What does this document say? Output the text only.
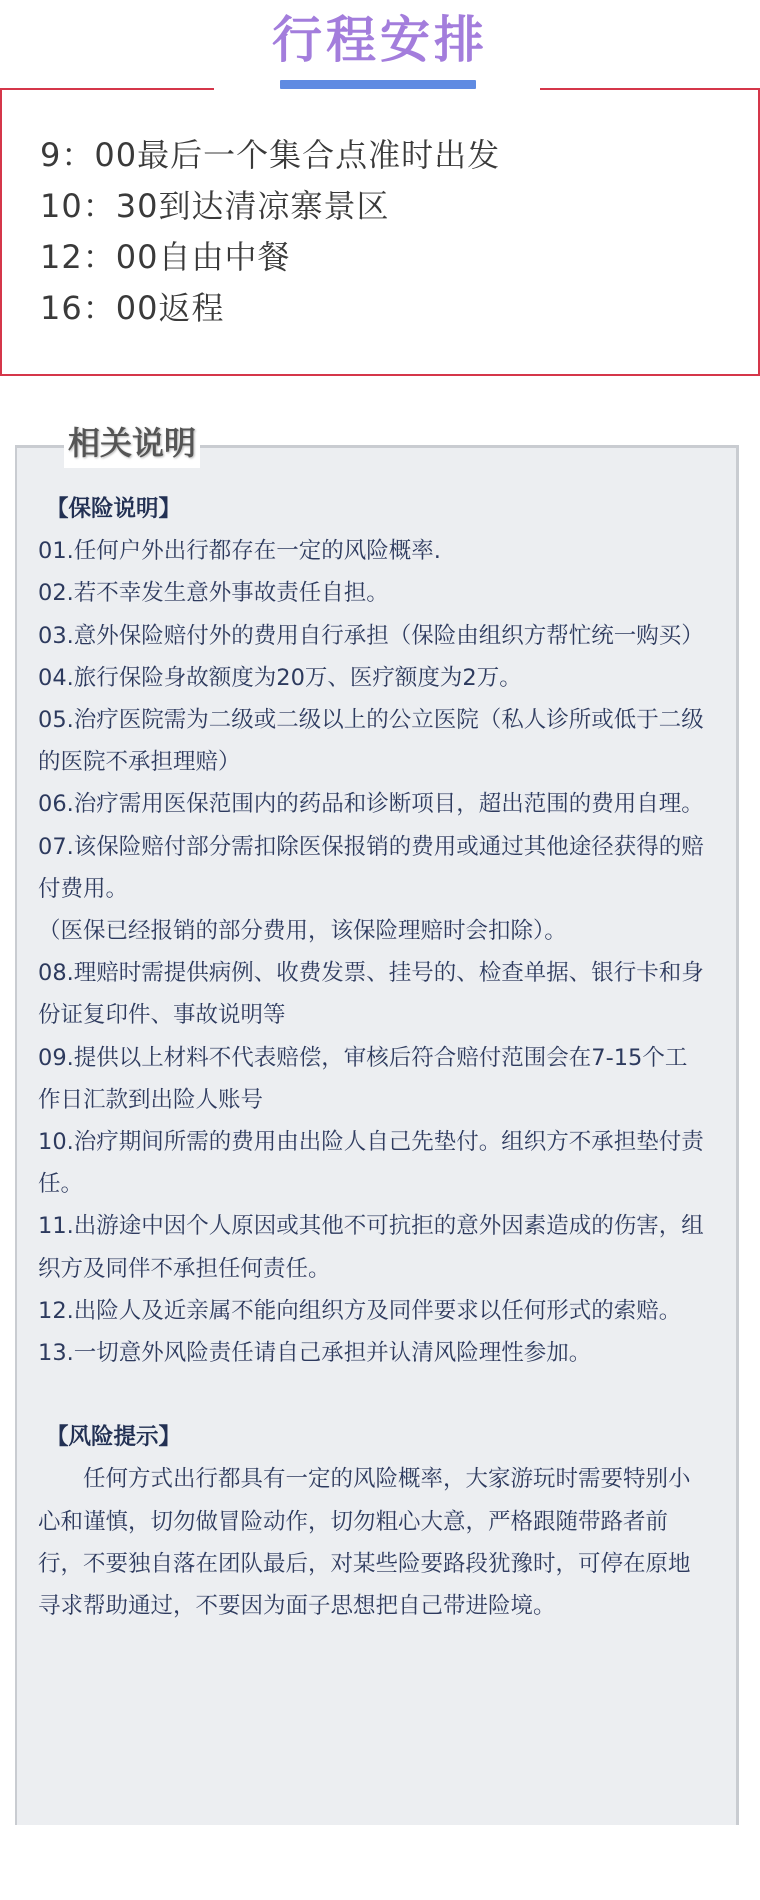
行程安排
9：00最后一个集合点准时出发
10：30到达清凉寨景区
12：00自由中餐
16：00返程
相关说明

【保险说明】

01.任何户外出行都存在一定的风险概率.

02.若不幸发生意外事故责任自担。

03.意外保险赔付外的费用自行承担（保险由组织方帮忙统一购买）

04.旅行保险身故额度为20万、医疗额度为2万。

05.治疗医院需为二级或二级以上的公立医院（私人诊所或低于二级的医院不承担理赔）

06.治疗需用医保范围内的药品和诊断项目，超出范围的费用自理。

07.该保险赔付部分需扣除医保报销的费用或通过其他途径获得的赔付费用。

（医保已经报销的部分费用，该保险理赔时会扣除）。

08.理赔时需提供病例、收费发票、挂号的、检查单据、银行卡和身份证复印件、事故说明等

09.提供以上材料不代表赔偿，审核后符合赔付范围会在7-15个工作日汇款到出险人账号

10.治疗期间所需的费用由出险人自己先垫付。组织方不承担垫付责任。

11.出游途中因个人原因或其他不可抗拒的意外因素造成的伤害，组织方及同伴不承担任何责任。

12.出险人及近亲属不能向组织方及同伴要求以任何形式的索赔。

13.一切意外风险责任请自己承担并认清风险理性参加。

【风险提示】

任何方式出行都具有一定的风险概率，大家游玩时需要特别小心和谨慎，切勿做冒险动作，切勿粗心大意，严格跟随带路者前行，不要独自落在团队最后，对某些险要路段犹豫时，可停在原地寻求帮助通过，不要因为面子思想把自己带进险境。
